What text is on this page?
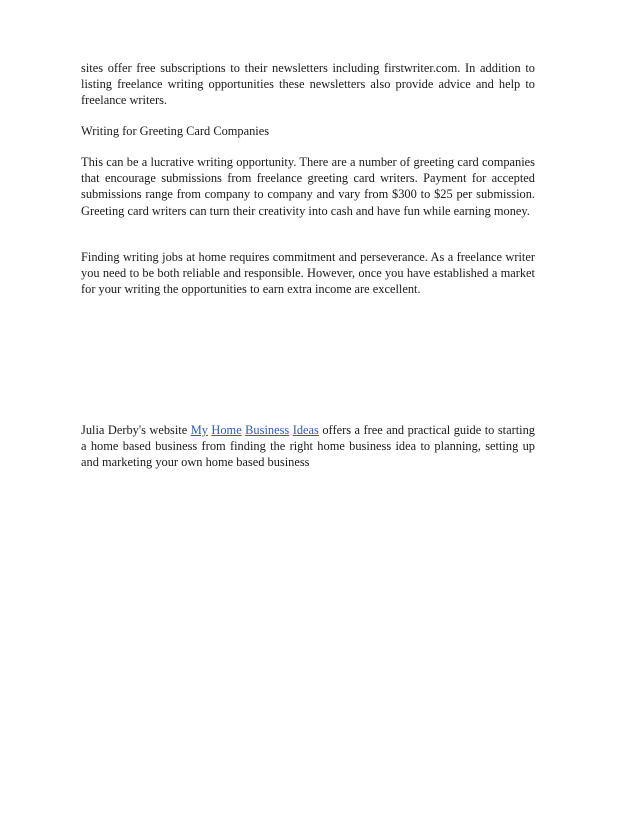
sites offer free subscriptions to their newsletters including firstwriter.com. In addition to listing freelance writing opportunities these newsletters also provide advice and help to freelance writers.

Writing for Greeting Card Companies

This can be a lucrative writing opportunity. There are a number of greeting card companies that encourage submissions from freelance greeting card writers. Payment for accepted submissions range from company to company and vary from $300 to $25 per submission. Greeting card writers can turn their creativity into cash and have fun while earning money.

Finding writing jobs at home requires commitment and perseverance. As a freelance writer you need to be both reliable and responsible. However, once you have established a market for your writing the opportunities to earn extra income are excellent.

Julia Derby's website My Home Business Ideas offers a free and practical guide to starting a home based business from finding the right home business idea to planning, setting up and marketing your own home based business
